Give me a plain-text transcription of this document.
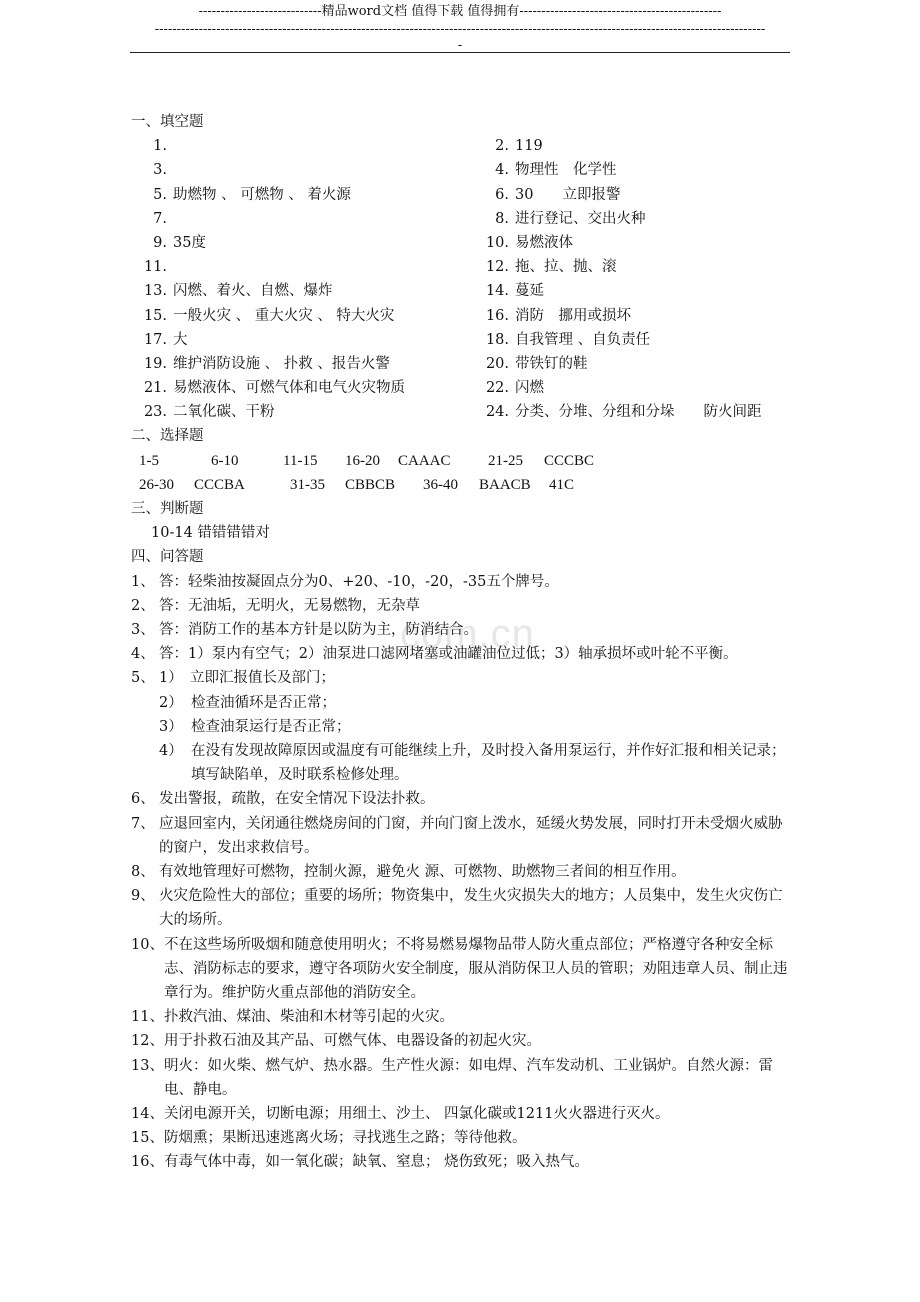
----------------------------精品word文档 值得下载 值得拥有----------------------------------------------
-------------------------------------------------------------------------------------------------------------------------------------------
-
com.cn
一、填空题
1.	2. 119
3.	4. 物理性　化学性
5. 助燃物 、 可燃物 、 着火源	6. 30　　立即报警
7.	8. 进行登记、交出火种
9. 35度	10. 易燃液体
11.	12. 拖、拉、抛、滚
13. 闪燃、着火、自燃、爆炸	14. 蔓延
15. 一般火灾 、 重大火灾 、 特大火灾	16. 消防　挪用或损坏
17. 大	18. 自我管理 、自负责任
19. 维护消防设施 、 扑救 、报告火警	20. 带铁钉的鞋
21. 易燃液体、可燃气体和电气火灾物质	22. 闪燃
23. 二氧化碳、干粉	24. 分类、分堆、分组和分垛　　防火间距
二、选择题
1-5	6-10	11-15 16-20 CAAAC 21-25 CCCBC
26-30 CCCBA	31-35 CBBCB 36-40 BAACB 41C
三、判断题
10-14 错错错错对
四、问答题
1、 答：轻柴油按凝固点分为0、+20、-10，-20，-35五个牌号。
2、 答：无油垢，无明火，无易燃物，无杂草
3、 答：消防工作的基本方针是以防为主，防消结合。
4、 答：1）泵内有空气；2）油泵进口滤网堵塞或油罐油位过低；3）轴承损坏或叶轮不平衡。
5、 1）　立即汇报值长及部门；
2） 检查油循环是否正常；
3） 检查油泵运行是否正常；
4） 在没有发现故障原因或温度有可能继续上升，及时投入备用泵运行，并作好汇报和相关记录；填写缺陷单，及时联系检修处理。
6、 发出警报，疏散，在安全情况下设法扑救。
7、 应退回室内，关闭通往燃烧房间的门窗，并向门窗上泼水，延缓火势发展，同时打开未受烟火威胁的窗户，发出求救信号。
8、 有效地管理好可燃物，控制火源，避免火 源、可燃物、助燃物三者间的相互作用。
9、 火灾危险性大的部位；重要的场所；物资集中，发生火灾损失大的地方；人员集中，发生火灾伤亡大的场所。
10、 不在这些场所吸烟和随意使用明火；不将易燃易爆物品带人防火重点部位；严格遵守各种安全标志、消防标志的要求，遵守各项防火安全制度，服从消防保卫人员的管职；劝阻违章人员、制止违章行为。维护防火重点部他的消防安全。
11、 扑救汽油、煤油、柴油和木材等引起的火灾。
12、 用于扑救石油及其产品、可燃气体、电器设备的初起火灾。
13、 明火：如火柴、燃气炉、热水器。生产性火源：如电焊、汽车发动机、工业锅炉。自然火源：雷电、静电。
14、 关闭电源开关，切断电源；用细土、沙土、 四氯化碳或1211火火器进行灭火。
15、 防烟熏；果断迅速逃离火场；寻找逃生之路；等待他救。
16、 有毒气体中毒，如一氧化碳；缺氧、窒息； 烧伤致死；吸入热气。
